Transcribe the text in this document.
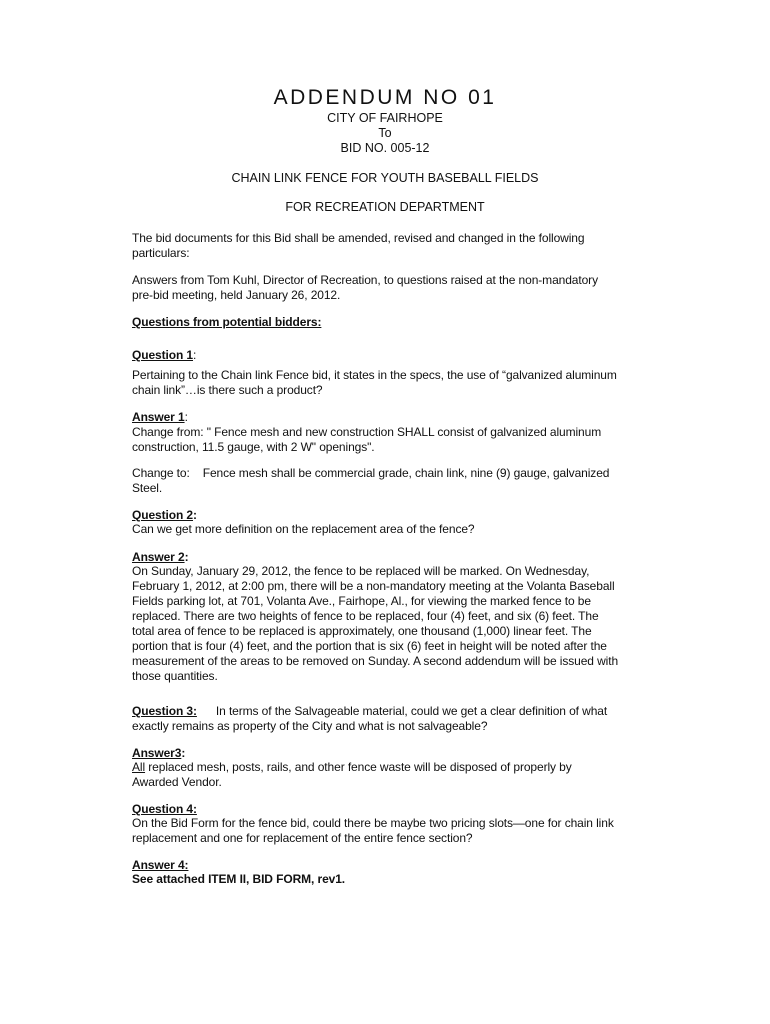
ADDENDUM NO 01
CITY OF FAIRHOPE
To
BID NO. 005-12
CHAIN LINK FENCE FOR YOUTH BASEBALL FIELDS
FOR RECREATION DEPARTMENT
The bid documents for this Bid shall be amended, revised and changed in the following
particulars:
Answers from Tom Kuhl, Director of Recreation, to questions raised at the non-mandatory
pre-bid meeting, held January 26, 2012.
Questions from potential bidders:
Question 1:
Pertaining to the Chain link Fence bid, it states in the specs, the use of “galvanized aluminum
chain link”…is there such a product?
Answer 1:
Change from: " Fence mesh and new construction SHALL consist of galvanized aluminum
construction, 11.5 gauge, with 2 W" openings".
Change to: Fence mesh shall be commercial grade, chain link, nine (9) gauge, galvanized
Steel.
Question 2:
Can we get more definition on the replacement area of the fence?
Answer 2:
On Sunday, January 29, 2012, the fence to be replaced will be marked. On Wednesday,
February 1, 2012, at 2:00 pm, there will be a non-mandatory meeting at the Volanta Baseball
Fields parking lot, at 701, Volanta Ave., Fairhope, Al., for viewing the marked fence to be
replaced. There are two heights of fence to be replaced, four (4) feet, and six (6) feet. The
total area of fence to be replaced is approximately, one thousand (1,000) linear feet. The
portion that is four (4) feet, and the portion that is six (6) feet in height will be noted after the
measurement of the areas to be removed on Sunday. A second addendum will be issued with
those quantities.
Question 3: In terms of the Salvageable material, could we get a clear definition of what
exactly remains as property of the City and what is not salvageable?
Answer3:
All replaced mesh, posts, rails, and other fence waste will be disposed of properly by
Awarded Vendor.
Question 4:
On the Bid Form for the fence bid, could there be maybe two pricing slots—one for chain link
replacement and one for replacement of the entire fence section?
Answer 4:
See attached ITEM II, BID FORM, rev1.
